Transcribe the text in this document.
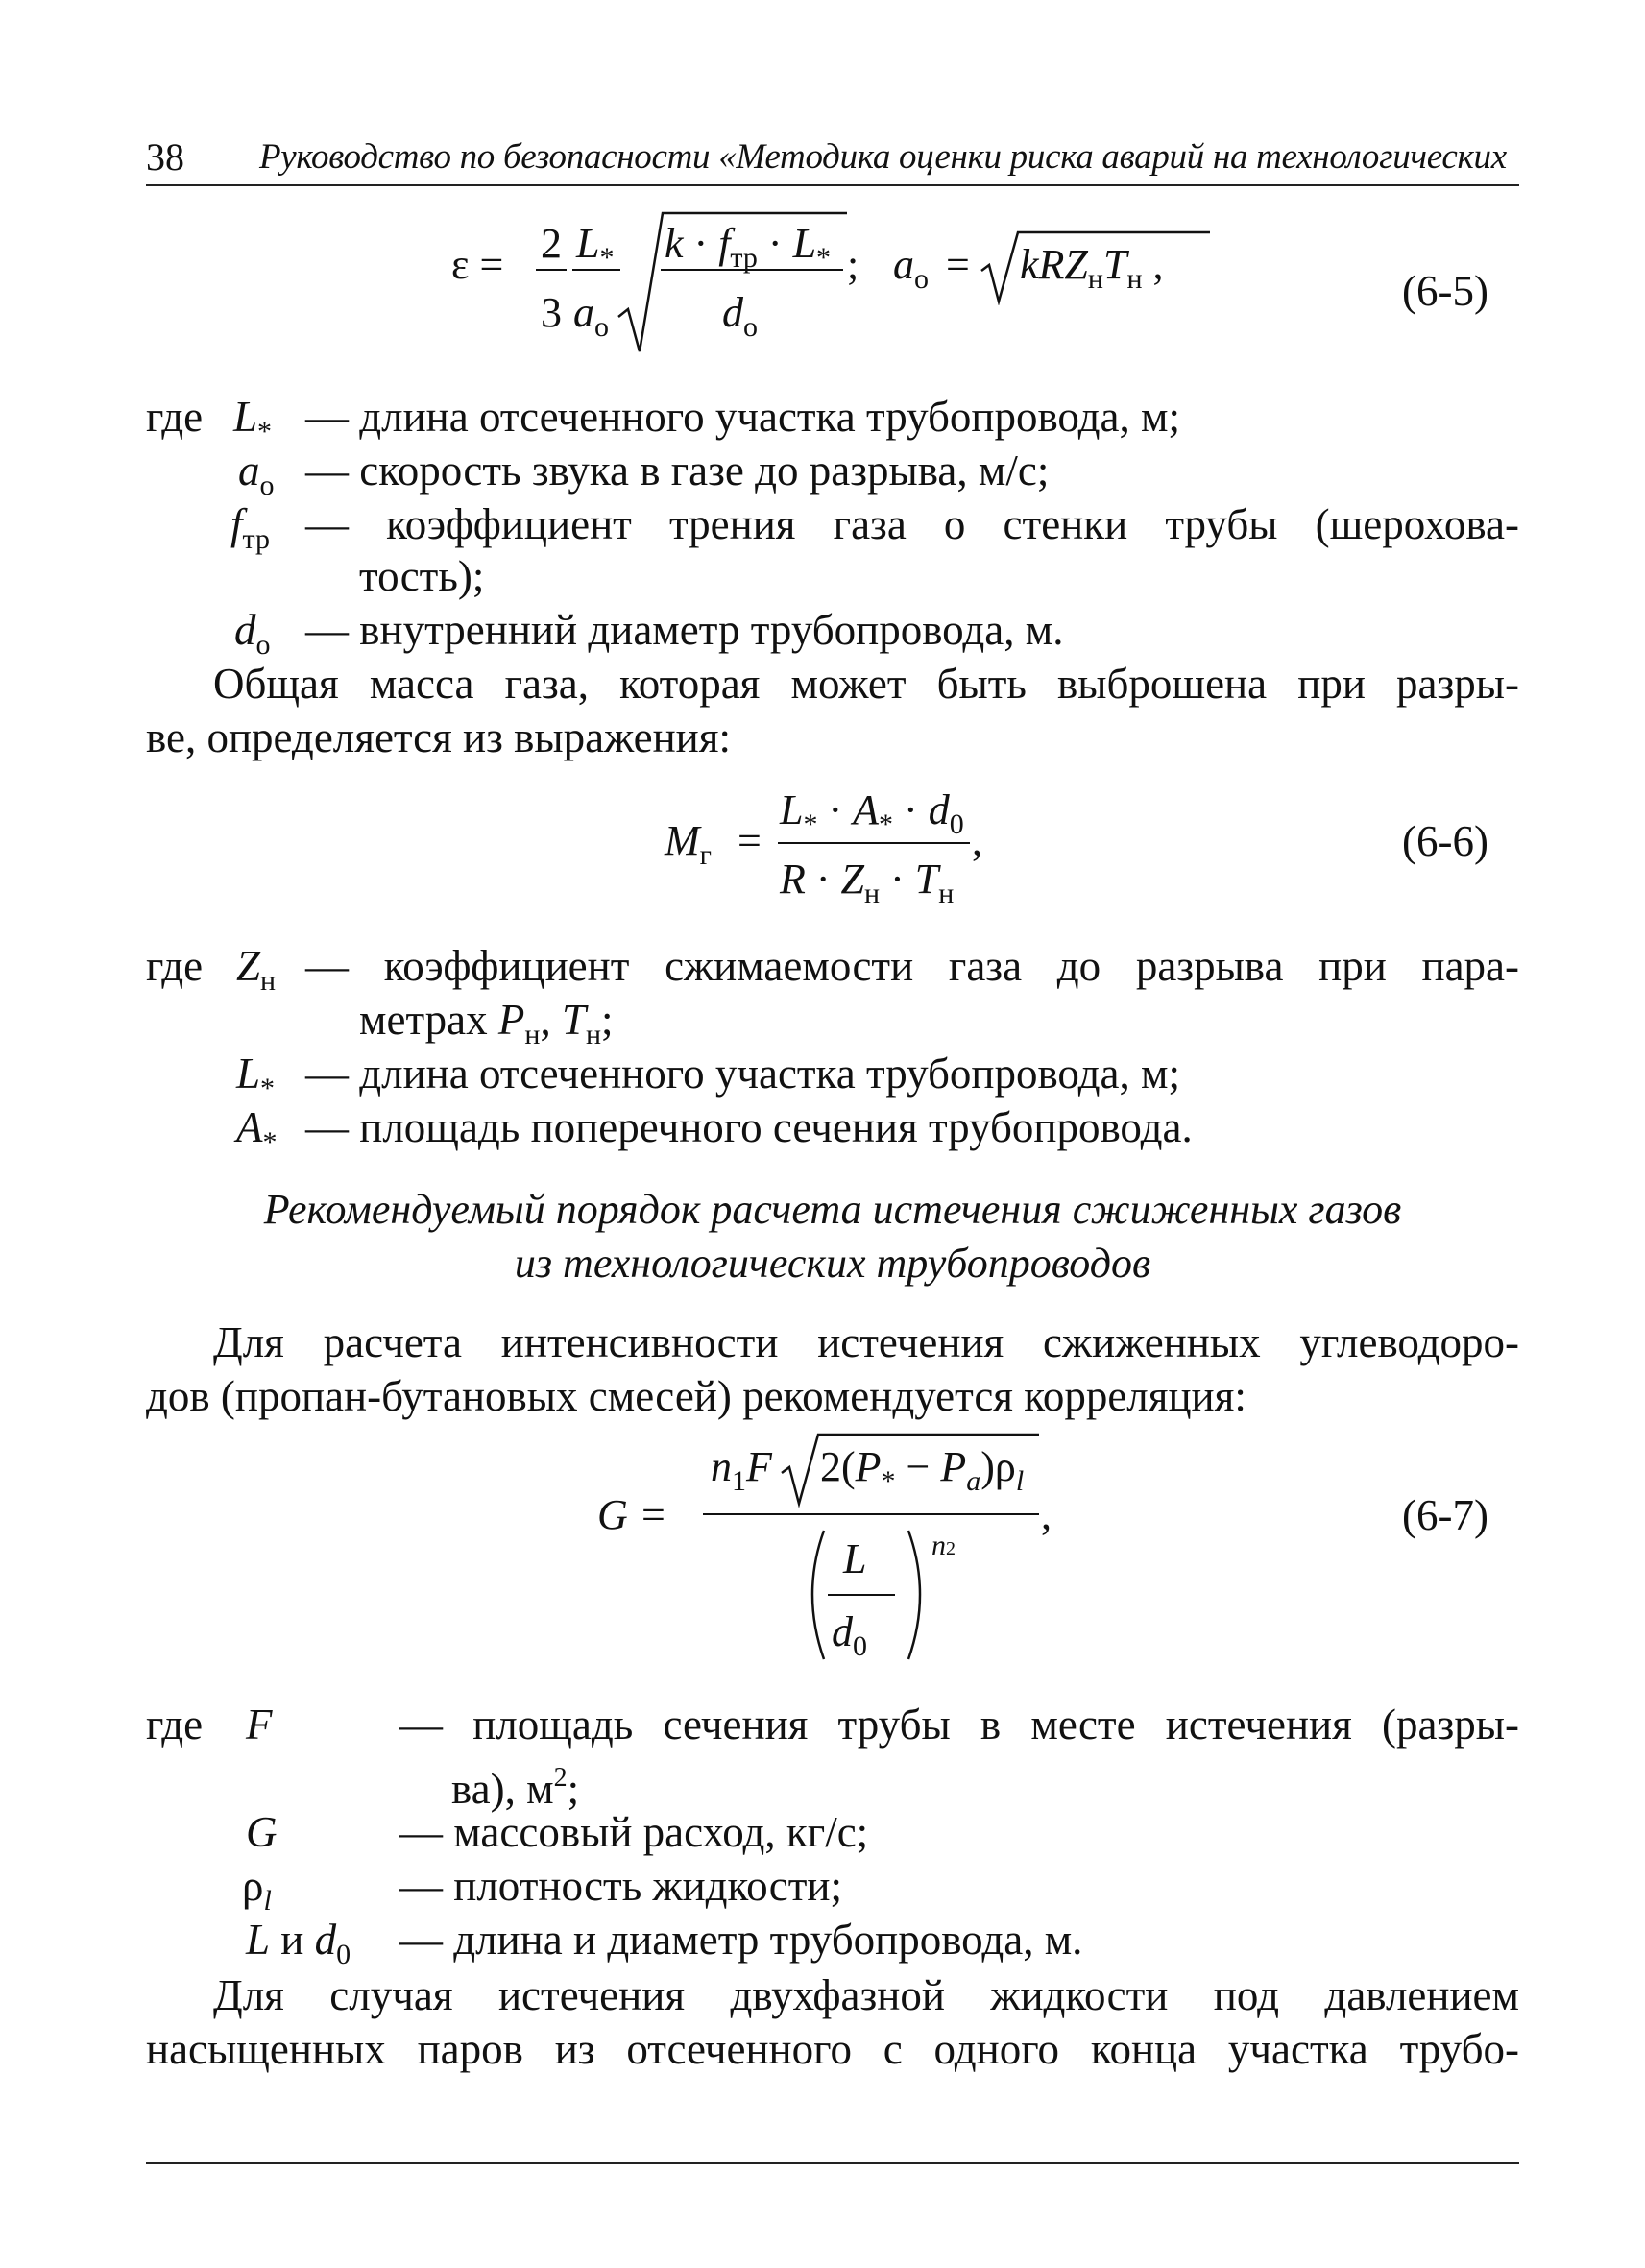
38 Руководство по безопасности «Методика оценки риска аварий на технологических
ε = 2
3
$L_*$
$a_о$
$k \cdot f_{тр} \cdot L_*$
$d_о$
; $a_о = kRZ_нT_н$ ,
(6-5)
где $L_*$ — длина отсеченного участка трубопровода, м;
$a_о$ — скорость звука в газе до разрыва, м/с;
$f_{тр}$ — коэффициент трения газа о стенки трубы (шерохова-
тость);
$d_о$ — внутренний диаметр трубопровода, м.
Общая масса газа, которая может быть выброшена при разры-
ве, определяется из выражения:
$M_г$ =
$L_* \cdot A_* \cdot d_0$
$R \cdot Z_н \cdot T_н$
,	(6-6)
где $Z_н$ — коэффициент сжимаемости газа до разрыва при пара-
метрах $P_н$, $T_н$;
$L_*$ — длина отсеченного участка трубопровода, м;
$A_*$ — площадь поперечного сечения трубопровода.
Рекомендуемый порядок расчета истечения сжиженных газов
из технологических трубопроводов
Для расчета интенсивности истечения сжиженных углеводоро-
дов (пропан-бутановых смесей) рекомендуется корреляция:
G =
$n_1F$ $2(P_* - P_a)\rho_l$
L
$d_0$
n2
,	(6-7)
где F	— площадь сечения трубы в месте истечения (разры-
ва), $м^2$;
G	— массовый расход, кг/с;
$\rho_l$	— плотность жидкости;
L и $d_0$ — длина и диаметр трубопровода, м.
Для случая истечения двухфазной жидкости под давлением
насыщенных паров из отсеченного с одного конца участка трубо-
